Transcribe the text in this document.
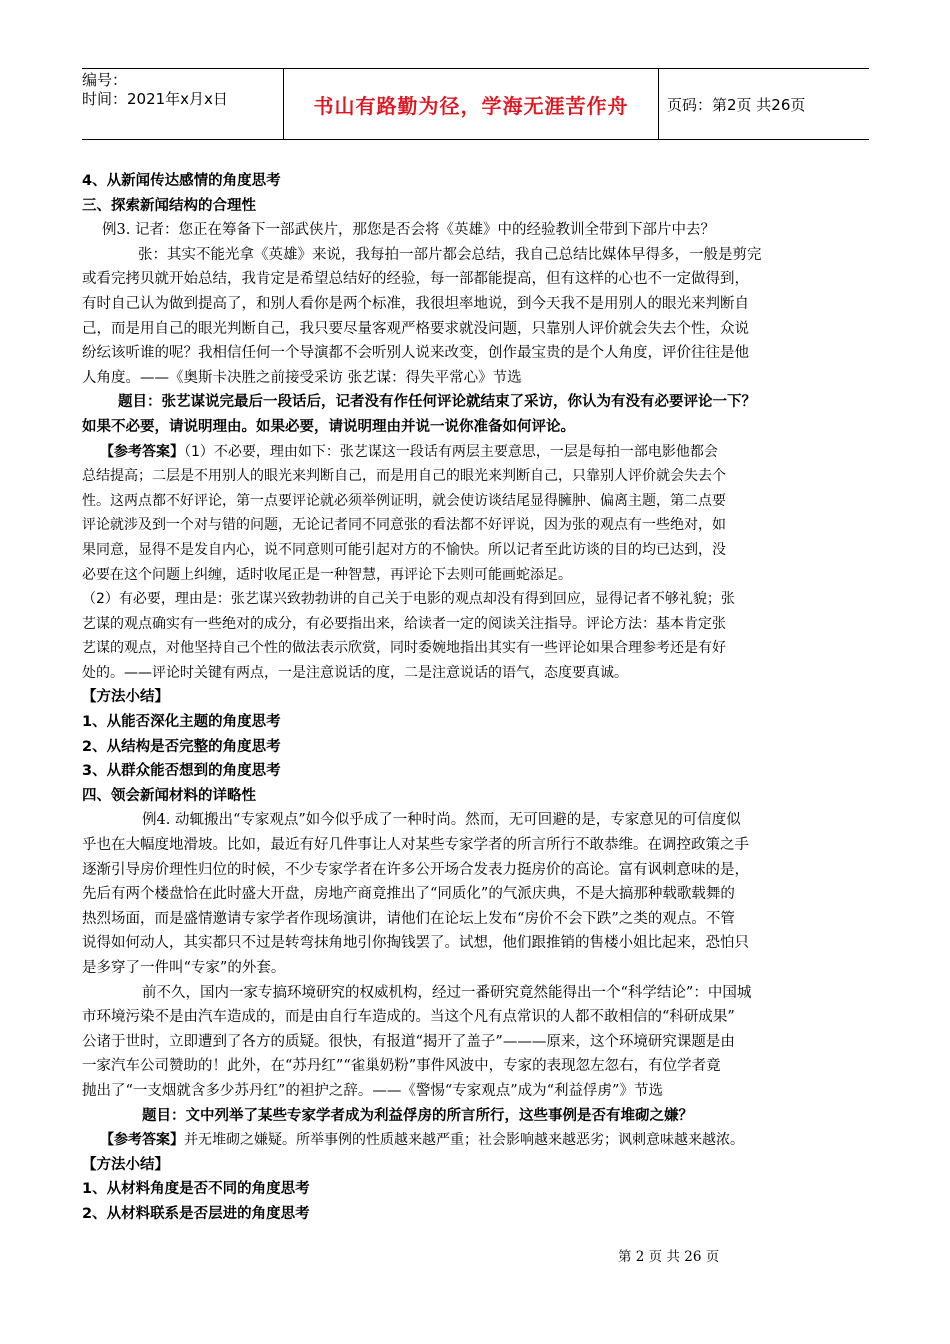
编号：
时间：2021年x月x日	书山有路勤为径，学海无涯苦作舟	页码：第2页 共26页
4、从新闻传达感情的角度思考
三、探索新闻结构的合理性
例3. 记者：您正在筹备下一部武侠片，那您是否会将《英雄》中的经验教训全带到下部片中去？
张：其实不能光拿《英雄》来说，我每拍一部片都会总结，我自己总结比媒体早得多，一般是剪完
或看完拷贝就开始总结，我肯定是希望总结好的经验，每一部都能提高，但有这样的心也不一定做得到，
有时自己认为做到提高了，和别人看你是两个标准，我很坦率地说，到今天我不是用别人的眼光来判断自
己，而是用自己的眼光判断自己，我只要尽量客观严格要求就没问题，只靠别人评价就会失去个性，众说
纷纭该听谁的呢？我相信任何一个导演都不会听别人说来改变，创作最宝贵的是个人角度，评价往往是他
人角度。——《奥斯卡决胜之前接受采访 张艺谋：得失平常心》节选
题目：张艺谋说完最后一段话后，记者没有作任何评论就结束了采访，你认为有没有必要评论一下？
如果不必要，请说明理由。如果必要，请说明理由并说一说你准备如何评论。
【参考答案】（1）不必要，理由如下：张艺谋这一段话有两层主要意思，一层是每拍一部电影他都会
总结提高；二层是不用别人的眼光来判断自己，而是用自己的眼光来判断自己，只靠别人评价就会失去个
性。这两点都不好评论，第一点要评论就必须举例证明，就会使访谈结尾显得臃肿、偏离主题，第二点要
评论就涉及到一个对与错的问题，无论记者同不同意张的看法都不好评说，因为张的观点有一些绝对，如
果同意，显得不是发自内心，说不同意则可能引起对方的不愉快。所以记者至此访谈的目的均已达到，没
必要在这个问题上纠缠，适时收尾正是一种智慧，再评论下去则可能画蛇添足。
（2）有必要，理由是：张艺谋兴致勃勃讲的自己关于电影的观点却没有得到回应，显得记者不够礼貌；张
艺谋的观点确实有一些绝对的成分，有必要指出来，给读者一定的阅读关注指导。评论方法：基本肯定张
艺谋的观点，对他坚持自己个性的做法表示欣赏，同时委婉地指出其实有一些评论如果合理参考还是有好
处的。——评论时关键有两点，一是注意说话的度，二是注意说话的语气，态度要真诚。
【方法小结】
1、从能否深化主题的角度思考
2、从结构是否完整的角度思考
3、从群众能否想到的角度思考
四、领会新闻材料的详略性
例4. 动辄搬出“专家观点”如今似乎成了一种时尚。然而，无可回避的是，专家意见的可信度似
乎也在大幅度地滑坡。比如，最近有好几件事让人对某些专家学者的所言所行不敢恭维。在调控政策之手
逐渐引导房价理性归位的时候，不少专家学者在许多公开场合发表力挺房价的高论。富有讽刺意味的是，
先后有两个楼盘恰在此时盛大开盘，房地产商竟推出了“同质化”的气派庆典，不是大搞那种载歌载舞的
热烈场面，而是盛情邀请专家学者作现场演讲，请他们在论坛上发布“房价不会下跌”之类的观点。不管
说得如何动人，其实都只不过是转弯抹角地引你掏钱罢了。试想，他们跟推销的售楼小姐比起来，恐怕只
是多穿了一件叫“专家”的外套。
前不久，国内一家专搞环境研究的权威机构，经过一番研究竟然能得出一个“科学结论”：中国城
市环境污染不是由汽车造成的，而是由自行车造成的。当这个凡有点常识的人都不敢相信的“科研成果”
公诸于世时，立即遭到了各方的质疑。很快，有报道“揭开了盖子”———原来，这个环境研究课题是由
一家汽车公司赞助的！此外，在“苏丹红”“雀巢奶粉”事件风波中，专家的表现忽左忽右，有位学者竟
抛出了“一支烟就含多少苏丹红”的袒护之辞。——《警惕“专家观点”成为“利益俘虏”》节选
题目：文中列举了某些专家学者成为利益俘房的所言所行，这些事例是否有堆砌之嫌？
【参考答案】并无堆砌之嫌疑。所举事例的性质越来越严重；社会影响越来越恶劣；讽刺意味越来越浓。
【方法小结】
1、从材料角度是否不同的角度思考
2、从材料联系是否层进的角度思考
第 2 页 共 26 页
